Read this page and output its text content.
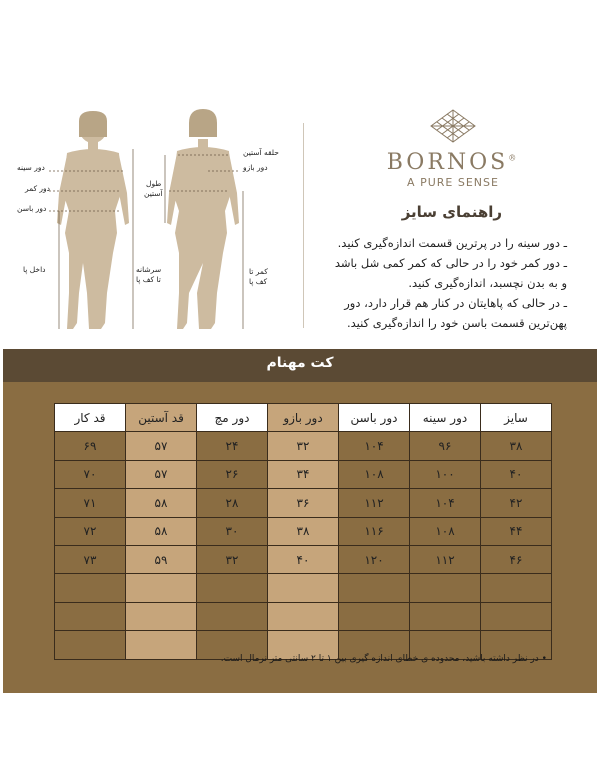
دور سینه
دور کمر
دور باسن
داخل پا	سرشانه
تا کف پا
حلقه آستین
دور بازو
طول
آستین
کمر تا
کف پا
BORNOS®
A PURE SENSE
راهنمای سایز
ـ دور سینه را در پرترین قسمت اندازه‌گیری کنید.
ـ دور کمر خود را در حالی که کمر کمی شل باشد
و به بدن نچسبد، اندازه‌گیری کنید.
ـ در حالی که پاهایتان در کنار هم قرار دارد، دور
پهن‌ترین قسمت باسن خود را اندازه‌گیری کنید.
کت مهنام
سایز	دور سینه	دور باسن	دور بازو	دور مچ	قد آستین	قد کار
۳۸	۹۶	۱۰۴	۳۲	۲۴	۵۷	۶۹
۴۰	۱۰۰	۱۰۸	۳۴	۲۶	۵۷	۷۰
۴۲	۱۰۴	۱۱۲	۳۶	۲۸	۵۸	۷۱
۴۴	۱۰۸	۱۱۶	۳۸	۳۰	۵۸	۷۲
۴۶	۱۱۲	۱۲۰	۴۰	۳۲	۵۹	۷۳

• در نظر داشته باشید، محدوده ی خطای اندازه گیری بین ۱ تا ۲ سانتی متر نرمال است.
